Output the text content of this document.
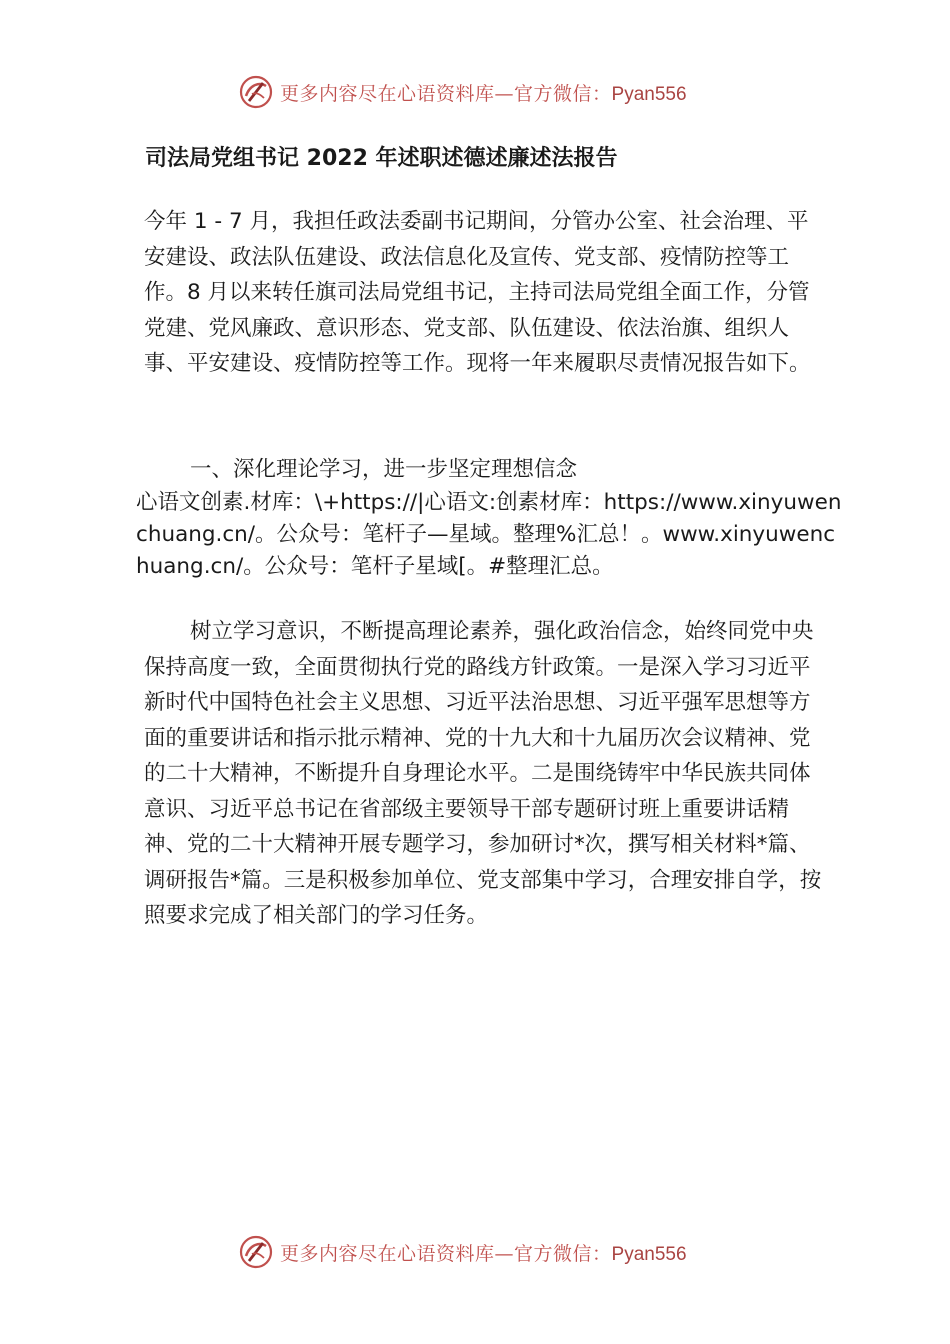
更多内容尽在心语资料库—官方微信：Pyan556
司法局党组书记 2022 年述职述德述廉述法报告

今年 1 - 7 月，我担任政法委副书记期间，分管办公室、社会治理、平安建设、政法队伍建设、政法信息化及宣传、党支部、疫情防控等工作。8 月以来转任旗司法局党组书记，主持司法局党组全面工作，分管党建、党风廉政、意识形态、党支部、队伍建设、依法治旗、组织人事、平安建设、疫情防控等工作。现将一年来履职尽责情况报告如下。

一、深化理论学习，进一步坚定理想信念

心语文创素.材库：\+https://|心语文:创素材库：https://www.xinyuwenchuang.cn/。公众号：笔杆子—星域。整理%汇总！。www.xinyuwenchuang.cn/。公众号：笔杆子星域[。#整理汇总。

树立学习意识，不断提高理论素养，强化政治信念，始终同党中央保持高度一致，全面贯彻执行党的路线方针政策。一是深入学习习近平新时代中国特色社会主义思想、习近平法治思想、习近平强军思想等方面的重要讲话和指示批示精神、党的十九大和十九届历次会议精神、党的二十大精神，不断提升自身理论水平。二是围绕铸牢中华民族共同体意识、习近平总书记在省部级主要领导干部专题研讨班上重要讲话精神、党的二十大精神开展专题学习，参加研讨*次，撰写相关材料*篇、调研报告*篇。三是积极参加单位、党支部集中学习，合理安排自学，按照要求完成了相关部门的学习任务。

更多内容尽在心语资料库—官方微信：Pyan556
